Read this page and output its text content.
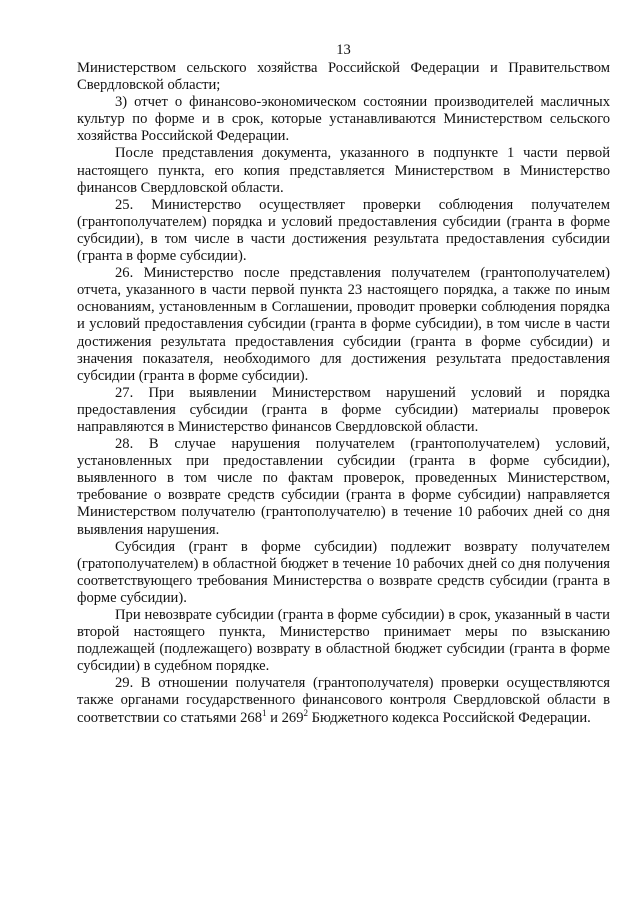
13

Министерством сельского хозяйства Российской Федерации и Правительством Свердловской области;

3) отчет о финансово-экономическом состоянии производителей масличных культур по форме и в срок, которые устанавливаются Министерством сельского хозяйства Российской Федерации.

После представления документа, указанного в подпункте 1 части первой настоящего пункта, его копия представляется Министерством в Министерство финансов Свердловской области.

25. Министерство осуществляет проверки соблюдения получателем (грантополучателем) порядка и условий предоставления субсидии (гранта в форме субсидии), в том числе в части достижения результата предоставления субсидии (гранта в форме субсидии).

26. Министерство после представления получателем (грантополучателем) отчета, указанного в части первой пункта 23 настоящего порядка, а также по иным основаниям, установленным в Соглашении, проводит проверки соблюдения порядка и условий предоставления субсидии (гранта в форме субсидии), в том числе в части достижения результата предоставления субсидии (гранта в форме субсидии) и значения показателя, необходимого для достижения результата предоставления субсидии (гранта в форме субсидии).

27. При выявлении Министерством нарушений условий и порядка предоставления субсидии (гранта в форме субсидии) материалы проверок направляются в Министерство финансов Свердловской области.

28. В случае нарушения получателем (грантополучателем) условий, установленных при предоставлении субсидии (гранта в форме субсидии), выявленного в том числе по фактам проверок, проведенных Министерством, требование о возврате средств субсидии (гранта в форме субсидии) направляется Министерством получателю (грантополучателю) в течение 10 рабочих дней со дня выявления нарушения.

Субсидия (грант в форме субсидии) подлежит возврату получателем (гратополучателем) в областной бюджет в течение 10 рабочих дней со дня получения соответствующего требования Министерства о возврате средств субсидии (гранта в форме субсидии).

При невозврате субсидии (гранта в форме субсидии) в срок, указанный в части второй настоящего пункта, Министерство принимает меры по взысканию подлежащей (подлежащего) возврату в областной бюджет субсидии (гранта в форме субсидии) в судебном порядке.

29. В отношении получателя (грантополучателя) проверки осуществляются также органами государственного финансового контроля Свердловской области в соответствии со статьями $268^1$ и $269^2$ Бюджетного кодекса Российской Федерации.
